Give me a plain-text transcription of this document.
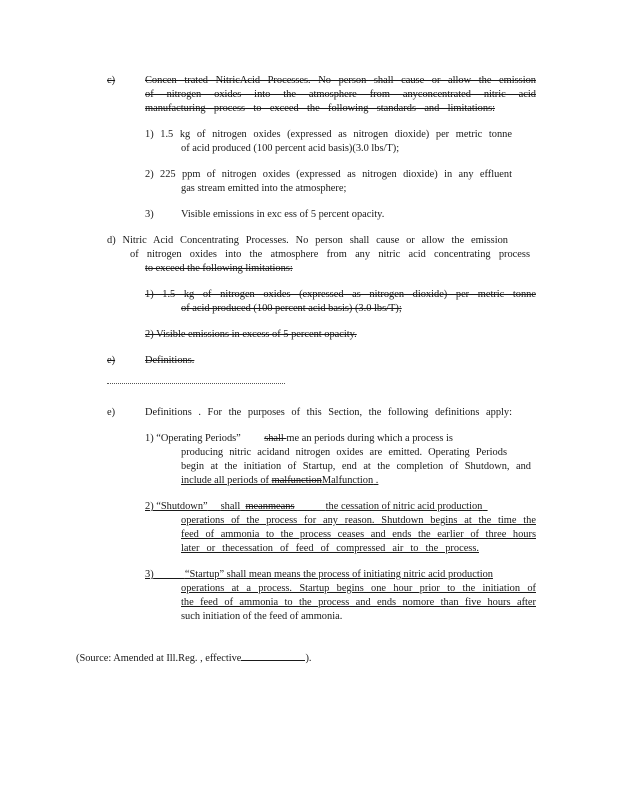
c)	Concen trated NitricAcid Processes. No person shall cause or allow the emission
of nitrogen oxides into the atmosphere from anyconcentrated nitric acid
manufacturing process to exceed the following standards and limitations:
1) 1.5 kg of nitrogen oxides (expressed as nitrogen dioxide) per metric tonne
of acid produced (100 percent acid basis)(3.0 lbs/T);
2) 225 ppm of nitrogen oxides (expressed as nitrogen dioxide) in any effluent
gas stream emitted into the atmosphere;
3)	Visible emissions in exc ess of 5 percent opacity.
d) Nitric Acid Concentrating Processes. No person shall cause or allow the emission
of nitrogen oxides into the atmosphere from any nitric acid concentrating process
to exceed the following limitations:
1) 1.5 kg of nitrogen oxides (expressed as nitrogen dioxide) per metric tonne
of acid produced (100 percent acid basis) (3.0 lbs/T);
2) Visible emissions in excess of 5 percent opacity.
e)	Definitions.
e)	Definitions . For the purposes of this Section, the following definitions apply:
1) “Operating Periods” shall me an periods during which a process is
producing nitric acidand nitrogen oxides are emitted. Operating Periods
begin at the initiation of Startup, end at the completion of Shutdown, and
include all periods of malfunctionMalfunction .
2) “Shutdown” shall meanmeans	the cessation of nitric acid production
operations of the process for any reason. Shutdown begins at the time the
feed of ammonia to the process ceases and ends the earlier of three hours
later or thecessation of feed of compressed air to the process.
3)	“Startup” shall mean means the process of initiating nitric acid production
operations at a process. Startup begins one hour prior to the initiation of
the feed of ammonia to the process and ends nomore than five hours after
such initiation of the feed of ammonia.
(Source: Amended at Ill.Reg. , effective	).
